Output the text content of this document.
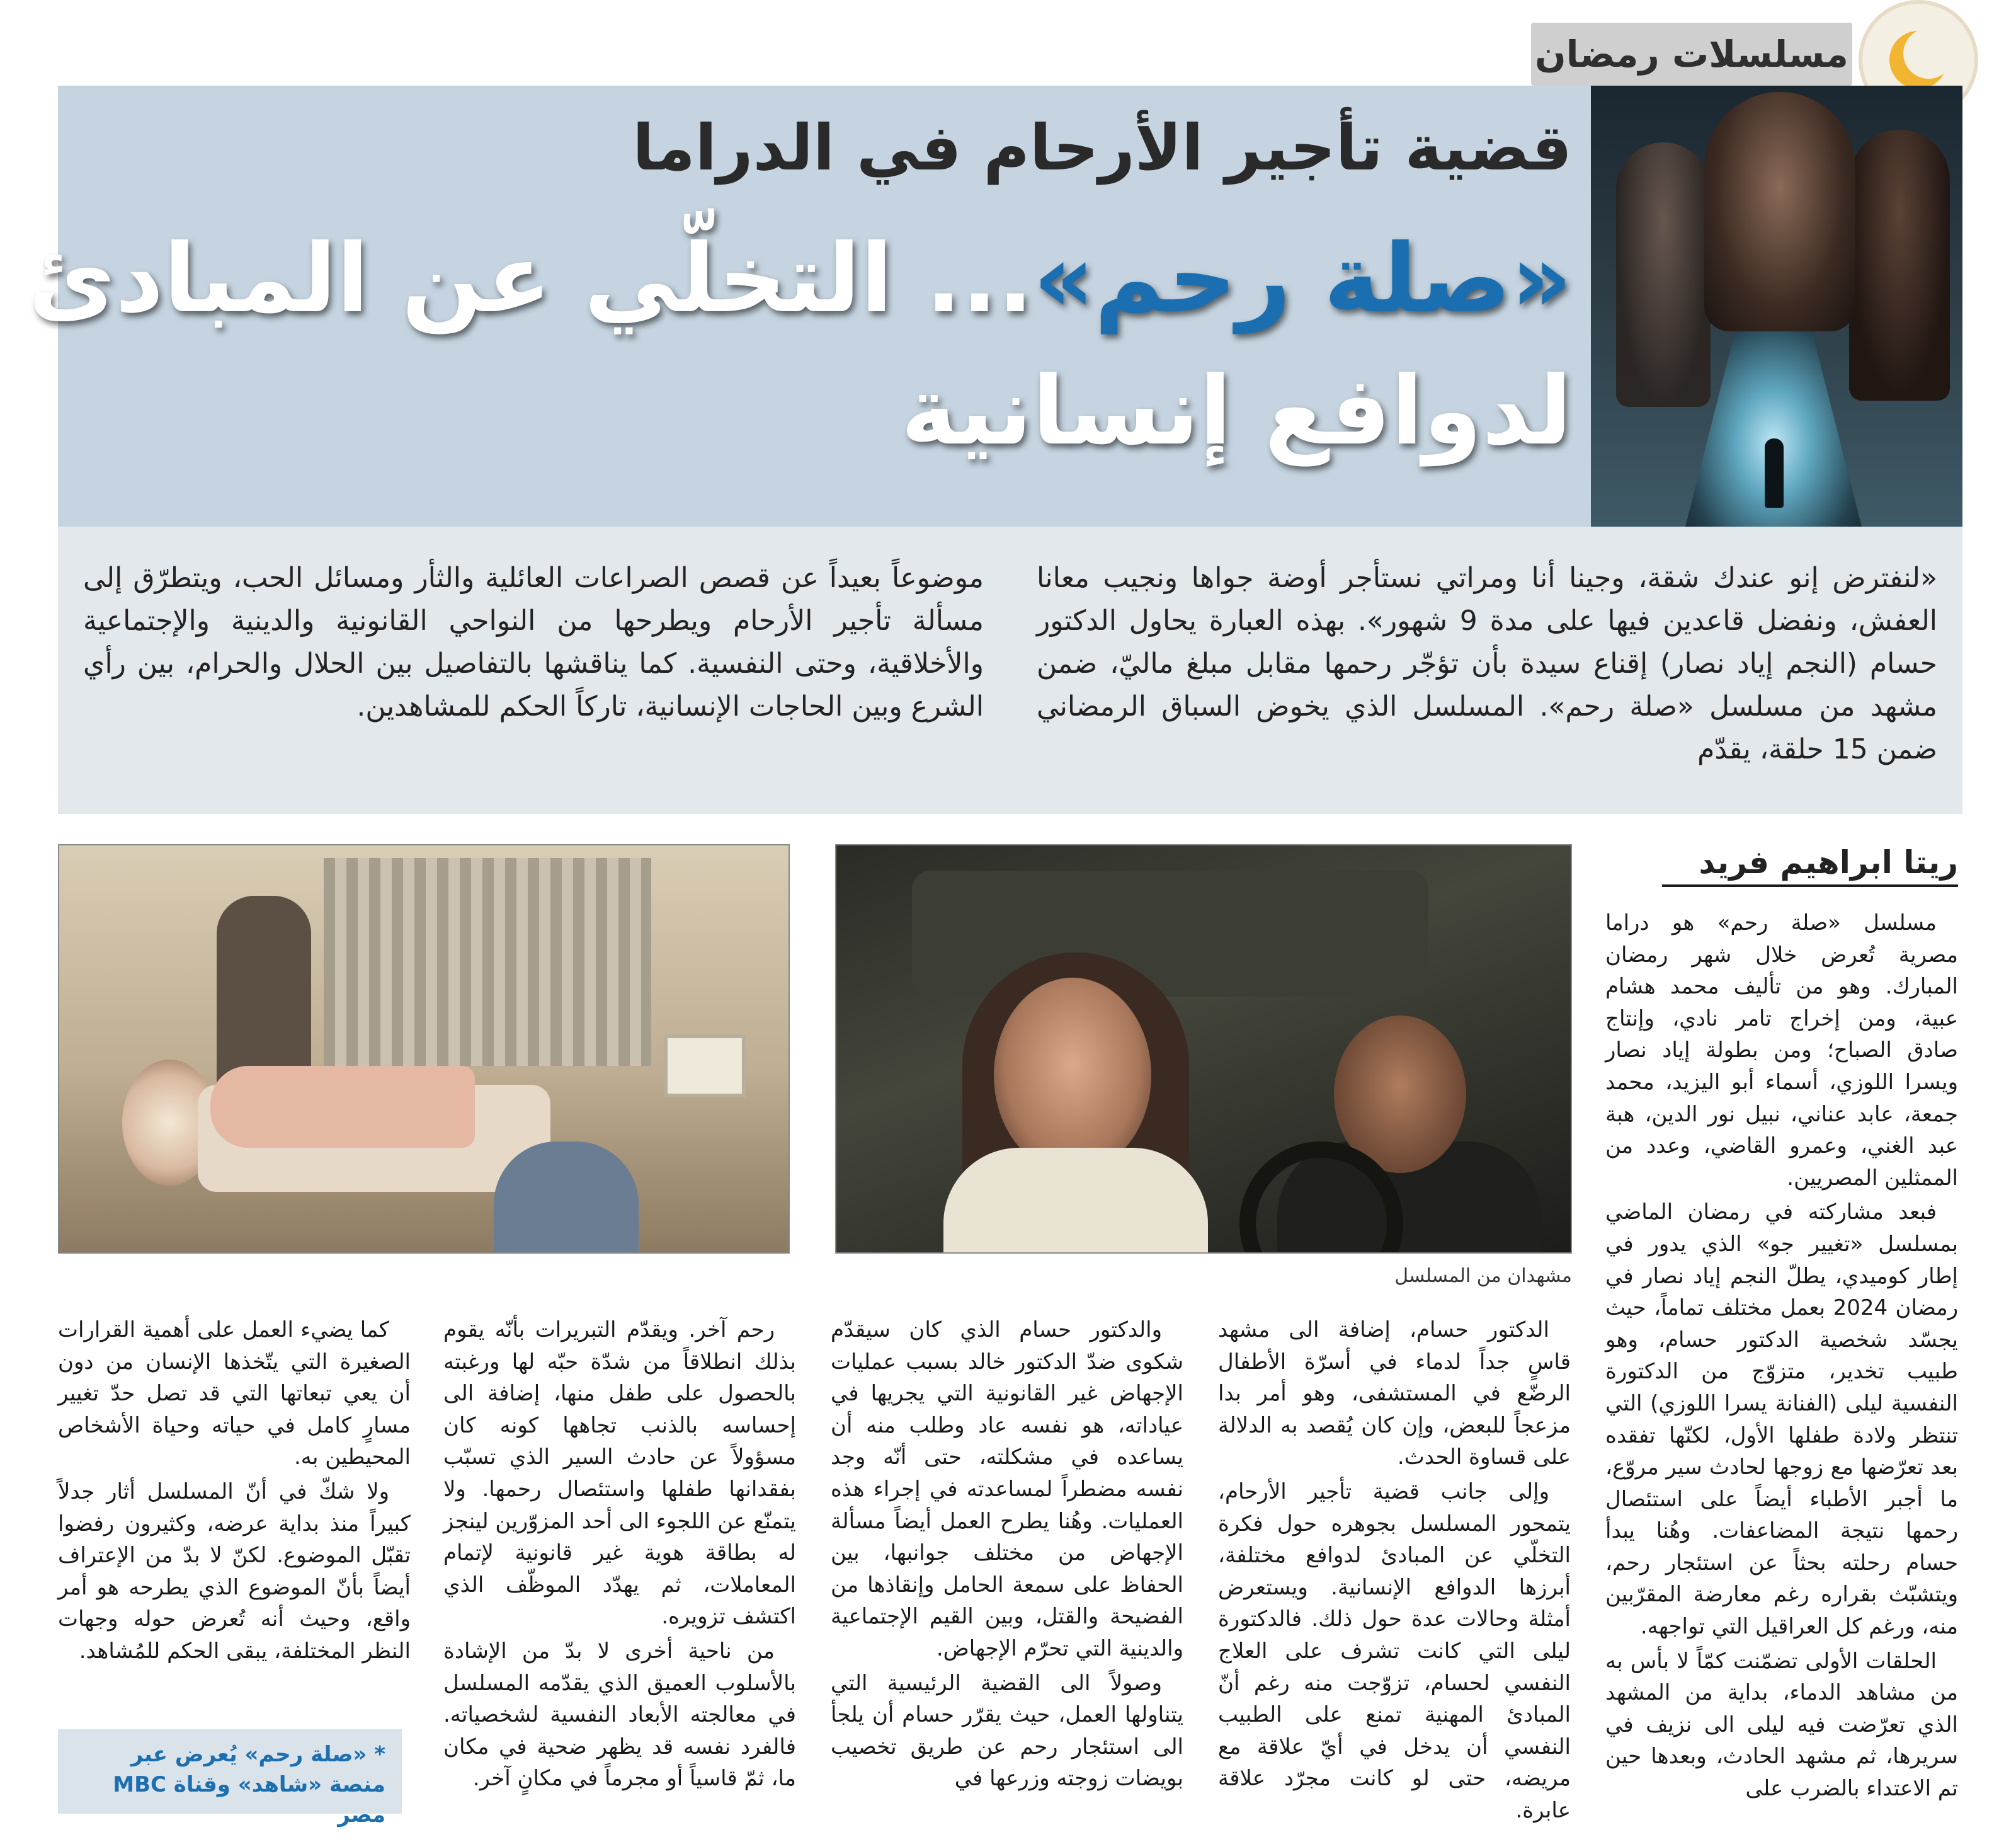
مسلسلات رمضان
قضية تأجير الأرحام في الدراما
«صلة رحم»... التخلّي عن المبادئ
لدوافع إنسانية
«لنفترض إنو عندك شقة، وجينا أنا ومراتي نستأجر أوضة جواها ونجيب معانا العفش، ونفضل قاعدين فيها على مدة 9 شهور». بهذه العبارة يحاول الدكتور حسام (النجم إياد نصار) إقناع سيدة بأن تؤجّر رحمها مقابل مبلغ ماليّ، ضمن مشهد من مسلسل «صلة رحم». المسلسل الذي يخوض السباق الرمضاني ضمن 15 حلقة، يقدّم
موضوعاً بعيداً عن قصص الصراعات العائلية والثأر ومسائل الحب، ويتطرّق إلى مسألة تأجير الأرحام ويطرحها من النواحي القانونية والدينية والإجتماعية والأخلاقية، وحتى النفسية. كما يناقشها بالتفاصيل بين الحلال والحرام، بين رأي الشرع وبين الحاجات الإنسانية، تاركاً الحكم للمشاهدين.
مشهدان من المسلسل
ريتا ابراهيم فريد

مسلسل «صلة رحم» هو دراما مصرية تُعرض خلال شهر رمضان المبارك. وهو من تأليف محمد هشام عبية، ومن إخراج تامر نادي، وإنتاج صادق الصباح؛ ومن بطولة إياد نصار ويسرا اللوزي، أسماء أبو اليزيد، محمد جمعة، عابد عناني، نبيل نور الدين، هبة عبد الغني، وعمرو القاضي، وعدد من الممثلين المصريين.

فبعد مشاركته في رمضان الماضي بمسلسل «تغيير جو» الذي يدور في إطار كوميدي، يطلّ النجم إياد نصار في رمضان 2024 بعمل مختلف تماماً، حيث يجسّد شخصية الدكتور حسام، وهو طبيب تخدير، متزوّج من الدكتورة النفسية ليلى (الفنانة يسرا اللوزي) التي تنتظر ولادة طفلها الأول، لكنّها تفقده بعد تعرّضها مع زوجها لحادث سير مروّع، ما أجبر الأطباء أيضاً على استئصال رحمها نتيجة المضاعفات. وهُنا يبدأ حسام رحلته بحثاً عن استئجار رحم، ويتشبّث بقراره رغم معارضة المقرّبين منه، ورغم كل العراقيل التي تواجهه.

الحلقات الأولى تضمّنت كمّاً لا بأس به من مشاهد الدماء، بداية من المشهد الذي تعرّضت فيه ليلى الى نزيف في سريرها، ثم مشهد الحادث، وبعدها حين تم الاعتداء بالضرب على

الدكتور حسام، إضافة الى مشهد قاسٍ جداً لدماء في أسرّة الأطفال الرضّع في المستشفى، وهو أمر بدا مزعجاً للبعض، وإن كان يُقصد به الدلالة على قساوة الحدث.

وإلى جانب قضية تأجير الأرحام، يتمحور المسلسل بجوهره حول فكرة التخلّي عن المبادئ لدوافع مختلفة، أبرزها الدوافع الإنسانية. ويستعرض أمثلة وحالات عدة حول ذلك. فالدكتورة ليلى التي كانت تشرف على العلاج النفسي لحسام، تزوّجت منه رغم أنّ المبادئ المهنية تمنع على الطبيب النفسي أن يدخل في أيّ علاقة مع مريضه، حتى لو كانت مجرّد علاقة عابرة.

والدكتور حسام الذي كان سيقدّم شكوى ضدّ الدكتور خالد بسبب عمليات الإجهاض غير القانونية التي يجريها في عياداته، هو نفسه عاد وطلب منه أن يساعده في مشكلته، حتى أنّه وجد نفسه مضطراً لمساعدته في إجراء هذه العمليات. وهُنا يطرح العمل أيضاً مسألة الإجهاض من مختلف جوانبها، بين الحفاظ على سمعة الحامل وإنقاذها من الفضيحة والقتل، وبين القيم الإجتماعية والدينية التي تحرّم الإجهاض.

وصولاً الى القضية الرئيسية التي يتناولها العمل، حيث يقرّر حسام أن يلجأ الى استئجار رحم عن طريق تخصيب بويضات زوجته وزرعها في

رحم آخر. ويقدّم التبريرات بأنّه يقوم بذلك انطلاقاً من شدّة حبّه لها ورغبته بالحصول على طفل منها، إضافة الى إحساسه بالذنب تجاهها كونه كان مسؤولاً عن حادث السير الذي تسبّب بفقدانها طفلها واستئصال رحمها. ولا يتمنّع عن اللجوء الى أحد المزوّرين لينجز له بطاقة هوية غير قانونية لإتمام المعاملات، ثم يهدّد الموظّف الذي اكتشف تزويره.

من ناحية أخرى لا بدّ من الإشادة بالأسلوب العميق الذي يقدّمه المسلسل في معالجته الأبعاد النفسية لشخصياته. فالفرد نفسه قد يظهر ضحية في مكان ما، ثمّ قاسياً أو مجرماً في مكانٍ آخر.

كما يضيء العمل على أهمية القرارات الصغيرة التي يتّخذها الإنسان من دون أن يعي تبعاتها التي قد تصل حدّ تغيير مسارٍ كامل في حياته وحياة الأشخاص المحيطين به.

ولا شكّ في أنّ المسلسل أثار جدلاً كبيراً منذ بداية عرضه، وكثيرون رفضوا تقبّل الموضوع. لكنّ لا بدّ من الإعتراف أيضاً بأنّ الموضوع الذي يطرحه هو أمر واقع، وحيث أنه تُعرض حوله وجهات النظر المختلفة، يبقى الحكم للمُشاهد.

* «صلة رحم» يُعرض عبر منصة «شاهد» وقناة MBC مصر
